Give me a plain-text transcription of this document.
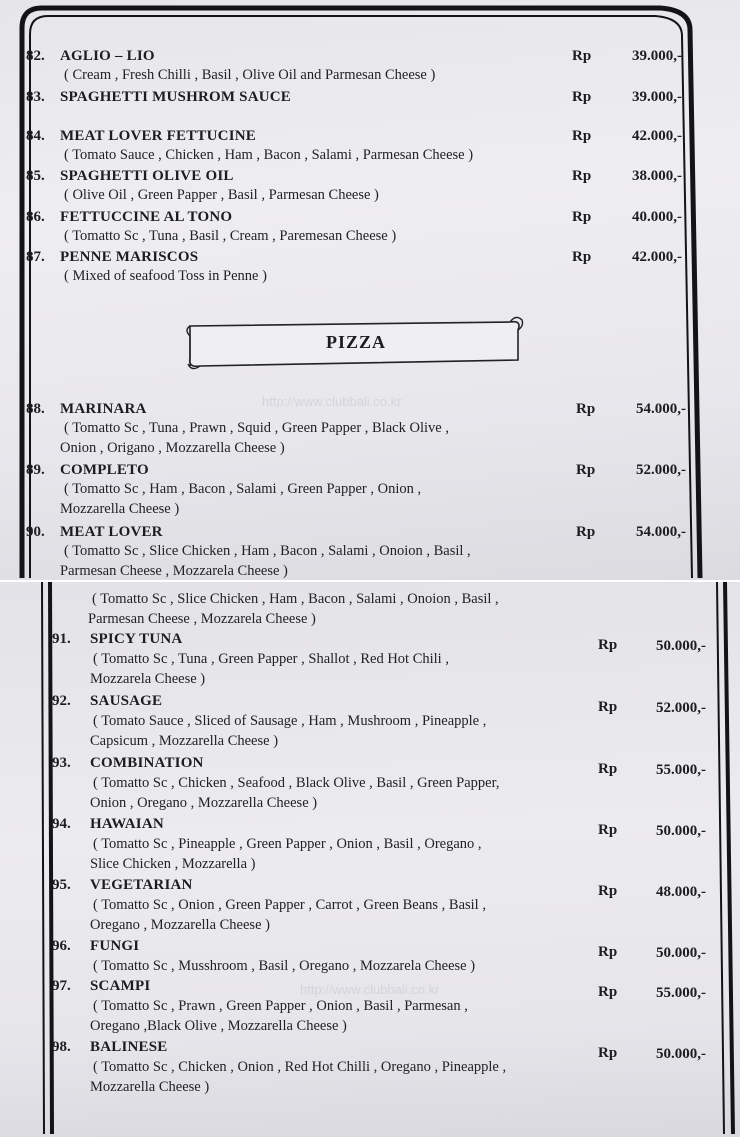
PIZZA
http://www.clubbali.co.kr
http://www.clubbali.co.kr
82. AGLIO – LIO	Rp	39.000,-
( Cream , Fresh Chilli , Basil , Olive Oil and Parmesan Cheese )
83. SPAGHETTI MUSHROM SAUCE	Rp	39.000,-
84. MEAT LOVER FETTUCINE	Rp	42.000,-
( Tomato Sauce , Chicken , Ham , Bacon , Salami , Parmesan Cheese )
85. SPAGHETTI OLIVE OIL	Rp	38.000,-
( Olive Oil , Green Papper , Basil , Parmesan Cheese )
86. FETTUCCINE AL TONO	Rp	40.000,-
( Tomatto Sc , Tuna , Basil , Cream , Paremesan Cheese )
87. PENNE MARISCOS	Rp	42.000,-
( Mixed of seafood Toss in Penne )
88. MARINARA	Rp	54.000,-
( Tomatto Sc , Tuna , Prawn , Squid , Green Papper , Black Olive ,
Onion , Origano , Mozzarella Cheese )
89. COMPLETO	Rp	52.000,-
( Tomatto Sc , Ham , Bacon , Salami , Green Papper , Onion ,
Mozzarella Cheese )
90. MEAT LOVER	Rp	54.000,-
( Tomatto Sc , Slice Chicken , Ham , Bacon , Salami , Onoion , Basil ,
Parmesan Cheese , Mozzarela Cheese )
( Tomatto Sc , Slice Chicken , Ham , Bacon , Salami , Onoion , Basil ,
Parmesan Cheese , Mozzarela Cheese )
91. SPICY TUNA	Rp	50.000,-
( Tomatto Sc , Tuna , Green Papper , Shallot , Red Hot Chili ,
Mozzarela Cheese )
92. SAUSAGE	Rp	52.000,-
( Tomato Sauce , Sliced of Sausage , Ham , Mushroom , Pineapple ,
Capsicum , Mozzarella Cheese )
93. COMBINATION	Rp	55.000,-
( Tomatto Sc , Chicken , Seafood , Black Olive , Basil , Green Papper,
Onion , Oregano , Mozzarella Cheese )
94. HAWAIAN	Rp	50.000,-
( Tomatto Sc , Pineapple , Green Papper , Onion , Basil , Oregano ,
Slice Chicken , Mozzarella )
95. VEGETARIAN	Rp	48.000,-
( Tomatto Sc , Onion , Green Papper , Carrot , Green Beans , Basil ,
Oregano , Mozzarella Cheese )
96. FUNGI	Rp	50.000,-
( Tomatto Sc , Musshroom , Basil , Oregano , Mozzarela Cheese )
97. SCAMPI	Rp	55.000,-
( Tomatto Sc , Prawn , Green Papper , Onion , Basil , Parmesan ,
Oregano ,Black Olive , Mozzarella Cheese )
98. BALINESE	Rp	50.000,-
( Tomatto Sc , Chicken , Onion , Red Hot Chilli , Oregano , Pineapple ,
Mozzarella Cheese )
